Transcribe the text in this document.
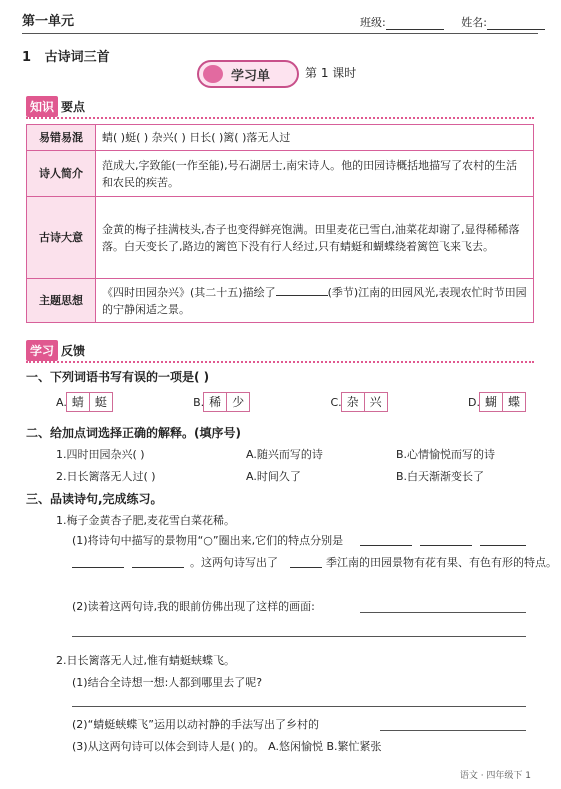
第一单元	班级:	姓名:
1 古诗词三首
学习单	第 1 课时
知识 要点
易错易混	蜻( )蜓( ) 杂兴( ) 日长( )篱( )落无人过
诗人简介	范成大,字致能(一作至能),号石湖居士,南宋诗人。他的田园诗概括地描写了农村的生活和农民的疾苦。
古诗大意	金黄的梅子挂满枝头,杏子也变得鲜亮饱满。田里麦花已雪白,油菜花却谢了,显得稀稀落落。白天变长了,路边的篱笆下没有行人经过,只有蜻蜓和蝴蝶绕着篱笆飞来飞去。
主题思想	《四时田园杂兴》(其二十五)描绘了 (季节)江南的田园风光,表现农忙时节田园的宁静闲适之景。
学习 反馈
一、下列词语书写有误的一项是( )
A. 蜻 蜓	B. 稀 少	C. 杂 兴	D. 蝴 蝶
二、给加点词选择正确的解释。(填序号)
1.四时田园杂兴( )	A.随兴而写的诗	B.心情愉悦而写的诗
2.日长篱落无人过( )	A.时间久了	B.白天渐渐变长了
三、品读诗句,完成练习。
1.梅子金黄杏子肥,麦花雪白菜花稀。
(1)将诗句中描写的景物用“○”圈出来,它们的特点分别是
。这两句诗写出了	季江南的田园景物有花有果、有色有形的特点。
(2)读着这两句诗,我的眼前仿佛出现了这样的画面:
2.日长篱落无人过,惟有蜻蜓蛱蝶飞。
(1)结合全诗想一想:人都到哪里去了呢?
(2)“蜻蜓蛱蝶飞”运用以动衬静的手法写出了乡村的
(3)从这两句诗可以体会到诗人是( )的。 A.悠闲愉悦 B.繁忙紧张
语文 · 四年级下 1
